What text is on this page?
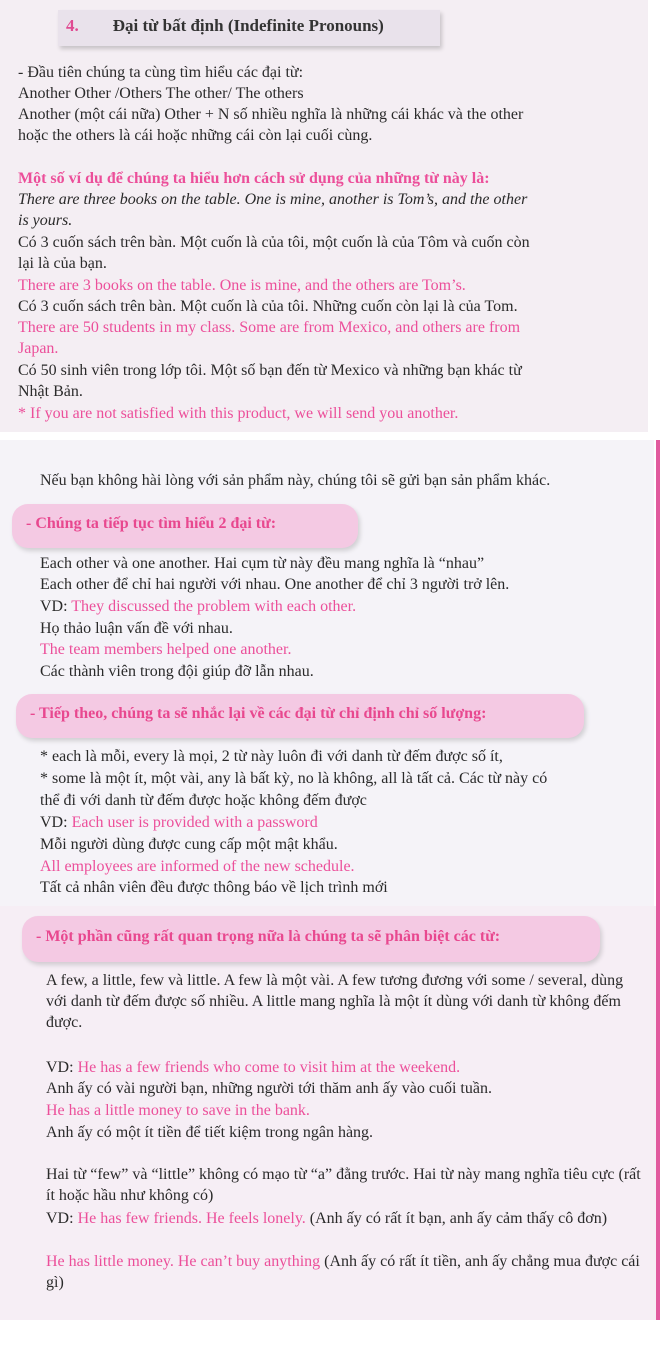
4. Đại từ bất định (Indefinite Pronouns)
- Đầu tiên chúng ta cùng tìm hiểu các đại từ:
Another Other /Others The other/ The others
Another (một cái nữa) Other + N số nhiều nghĩa là những cái khác và the other
hoặc the others là cái hoặc những cái còn lại cuối cùng.
Một số ví dụ để chúng ta hiểu hơn cách sử dụng của những từ này là:
There are three books on the table. One is mine, another is Tom’s, and the other
is yours.
Có 3 cuốn sách trên bàn. Một cuốn là của tôi, một cuốn là của Tôm và cuốn còn
lại là của bạn.
There are 3 books on the table. One is mine, and the others are Tom’s.
Có 3 cuốn sách trên bàn. Một cuốn là của tôi. Những cuốn còn lại là của Tom.
There are 50 students in my class. Some are from Mexico, and others are from
Japan.
Có 50 sinh viên trong lớp tôi. Một số bạn đến từ Mexico và những bạn khác từ
Nhật Bản.
* If you are not satisfied with this product, we will send you another.
Nếu bạn không hài lòng với sản phẩm này, chúng tôi sẽ gửi bạn sản phẩm khác.
- Chúng ta tiếp tục tìm hiểu 2 đại từ:
Each other và one another. Hai cụm từ này đều mang nghĩa là “nhau”
Each other để chỉ hai người với nhau. One another để chỉ 3 người trở lên.
VD: They discussed the problem with each other.
Họ thảo luận vấn đề với nhau.
The team members helped one another.
Các thành viên trong đội giúp đỡ lẫn nhau.
- Tiếp theo, chúng ta sẽ nhắc lại về các đại từ chỉ định chỉ số lượng:
* each là mỗi, every là mọi, 2 từ này luôn đi với danh từ đếm được số ít,
* some là một ít, một vài, any là bất kỳ, no là không, all là tất cả. Các từ này có
thể đi với danh từ đếm được hoặc không đếm được
VD: Each user is provided with a password
Mỗi người dùng được cung cấp một mật khẩu.
All employees are informed of the new schedule.
Tất cả nhân viên đều được thông báo về lịch trình mới
- Một phần cũng rất quan trọng nữa là chúng ta sẽ phân biệt các từ:
A few, a little, few và little. A few là một vài. A few tương đương với some / several, dùng với danh từ đếm được số nhiều. A little mang nghĩa là một ít dùng với danh từ không đếm được.
VD: He has a few friends who come to visit him at the weekend.
Anh ấy có vài người bạn, những người tới thăm anh ấy vào cuối tuần.
He has a little money to save in the bank.
Anh ấy có một ít tiền để tiết kiệm trong ngân hàng.
Hai từ “few” và “little” không có mạo từ “a” đằng trước. Hai từ này mang nghĩa tiêu cực (rất ít hoặc hầu như không có)
VD: He has few friends. He feels lonely. (Anh ấy có rất ít bạn, anh ấy cảm thấy cô đơn)
He has little money. He can’t buy anything (Anh ấy có rất ít tiền, anh ấy chẳng mua được cái gì)
